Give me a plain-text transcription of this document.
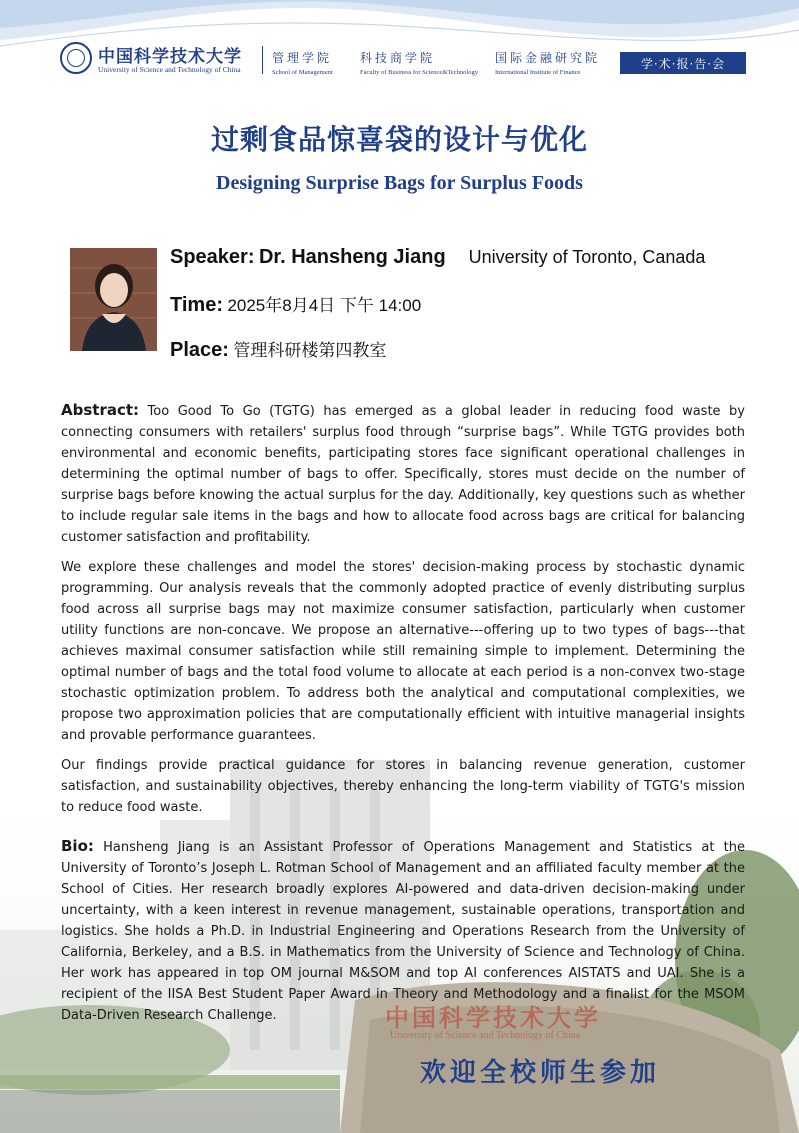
中国科学技术大学
University of Science and Technology of China
管理学院
School of Management
科技商学院
Faculty of Business for Science&Technology
国际金融研究院
International Institute of Finance
学·术·报·告·会
过剩食品惊喜袋的设计与优化
Designing Surprise Bags for Surplus Foods
Speaker: Dr. Hansheng Jiang University of Toronto, Canada
Time: 2025年8月4日 下午 14:00
Place: 管理科研楼第四教室

Abstract: Too Good To Go (TGTG) has emerged as a global leader in reducing food waste by connecting consumers with retailers' surplus food through “surprise bags”. While TGTG provides both environmental and economic benefits, participating stores face significant operational challenges in determining the optimal number of bags to offer. Specifically, stores must decide on the number of surprise bags before knowing the actual surplus for the day. Additionally, key questions such as whether to include regular sale items in the bags and how to allocate food across bags are critical for balancing customer satisfaction and profitability.

We explore these challenges and model the stores' decision-making process by stochastic dynamic programming. Our analysis reveals that the commonly adopted practice of evenly distributing surplus food across all surprise bags may not maximize consumer satisfaction, particularly when customer utility functions are non-concave. We propose an alternative---offering up to two types of bags---that achieves maximal consumer satisfaction while still remaining simple to implement. Determining the optimal number of bags and the total food volume to allocate at each period is a non-convex two-stage stochastic optimization problem. To address both the analytical and computational complexities, we propose two approximation policies that are computationally efficient with intuitive managerial insights and provable performance guarantees.

Our findings provide practical guidance for stores in balancing revenue generation, customer satisfaction, and sustainability objectives, thereby enhancing the long-term viability of TGTG's mission to reduce food waste.

Bio: Hansheng Jiang is an Assistant Professor of Operations Management and Statistics at the University of Toronto’s Joseph L. Rotman School of Management and an affiliated faculty member at the School of Cities. Her research broadly explores AI-powered and data-driven decision-making under uncertainty, with a keen interest in revenue management, sustainable operations, transportation and logistics. She holds a Ph.D. in Industrial Engineering and Operations Research from the University of California, Berkeley, and a B.S. in Mathematics from the University of Science and Technology of China. Her work has appeared in top OM journal M&SOM and top AI conferences AISTATS and UAI. She is a recipient of the IISA Best Student Paper Award in Theory and Methodology and a finalist for the MSOM Data-Driven Research Challenge.	中国科学技术大学
University of Science and Technology of China
欢迎全校师生参加
